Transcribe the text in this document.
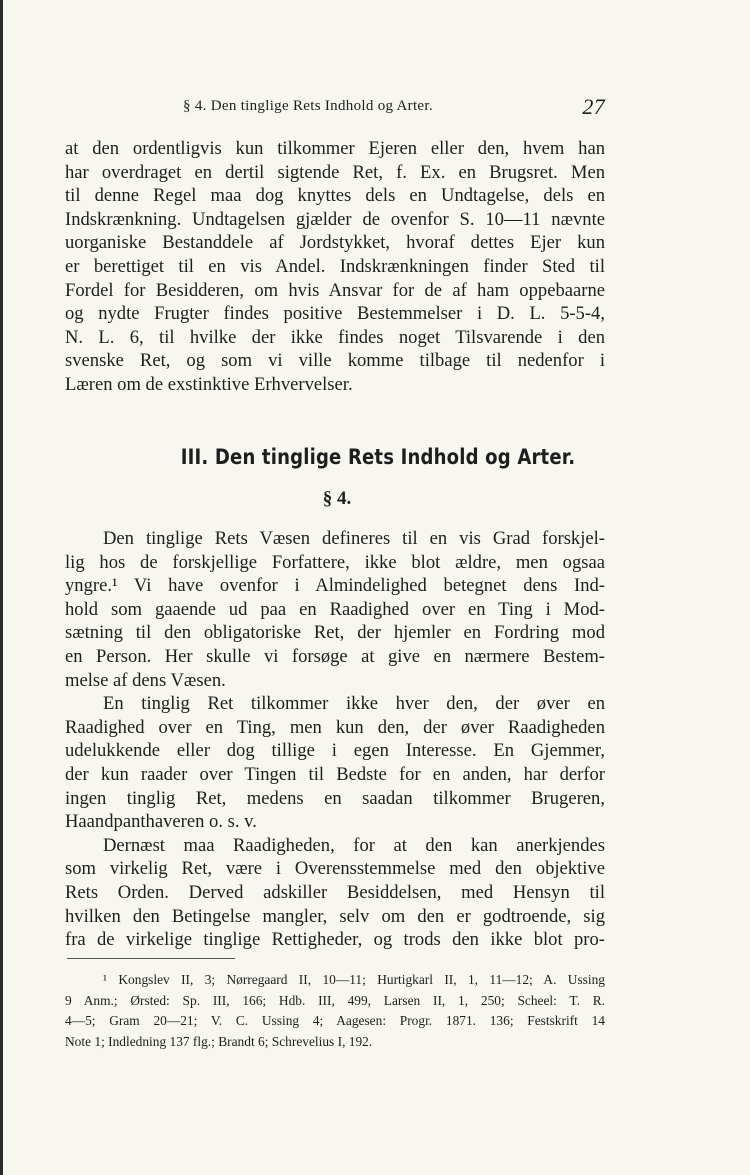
§ 4. Den tinglige Rets Indhold og Arter.	27
at den ordentligvis kun tilkommer Ejeren eller den, hvem han
har overdraget en dertil sigtende Ret, f. Ex. en Brugsret. Men
til denne Regel maa dog knyttes dels en Undtagelse, dels en
Indskrænkning. Undtagelsen gjælder de ovenfor S. 10—11 nævnte
uorganiske Bestanddele af Jordstykket, hvoraf dettes Ejer kun
er berettiget til en vis Andel. Indskrænkningen finder Sted til
Fordel for Besidderen, om hvis Ansvar for de af ham oppebaarne
og nydte Frugter findes positive Bestemmelser i D. L. 5-5-4,
N. L. 6, til hvilke der ikke findes noget Tilsvarende i den
svenske Ret, og som vi ville komme tilbage til nedenfor i
Læren om de exstinktive Erhvervelser.
III. Den tinglige Rets Indhold og Arter.
§ 4.
Den tinglige Rets Væsen defineres til en vis Grad forskjel-
lig hos de forskjellige Forfattere, ikke blot ældre, men ogsaa
yngre.¹ Vi have ovenfor i Almindelighed betegnet dens Ind-
hold som gaaende ud paa en Raadighed over en Ting i Mod-
sætning til den obligatoriske Ret, der hjemler en Fordring mod
en Person. Her skulle vi forsøge at give en nærmere Bestem-
melse af dens Væsen.
En tinglig Ret tilkommer ikke hver den, der øver en
Raadighed over en Ting, men kun den, der øver Raadigheden
udelukkende eller dog tillige i egen Interesse. En Gjemmer,
der kun raader over Tingen til Bedste for en anden, har derfor
ingen tinglig Ret, medens en saadan tilkommer Brugeren,
Haandpanthaveren o. s. v.
Dernæst maa Raadigheden, for at den kan anerkjendes
som virkelig Ret, være i Overensstemmelse med den objektive
Rets Orden. Derved adskiller Besiddelsen, med Hensyn til
hvilken den Betingelse mangler, selv om den er godtroende, sig
fra de virkelige tinglige Rettigheder, og trods den ikke blot pro-
¹ Kongslev II, 3; Nørregaard II, 10—11; Hurtigkarl II, 1, 11—12; A. Ussing
9 Anm.; Ørsted: Sp. III, 166; Hdb. III, 499, Larsen II, 1, 250; Scheel: T. R.
4—5; Gram 20—21; V. C. Ussing 4; Aagesen: Progr. 1871. 136; Festskrift 14
Note 1; Indledning 137 flg.; Brandt 6; Schrevelius I, 192.
